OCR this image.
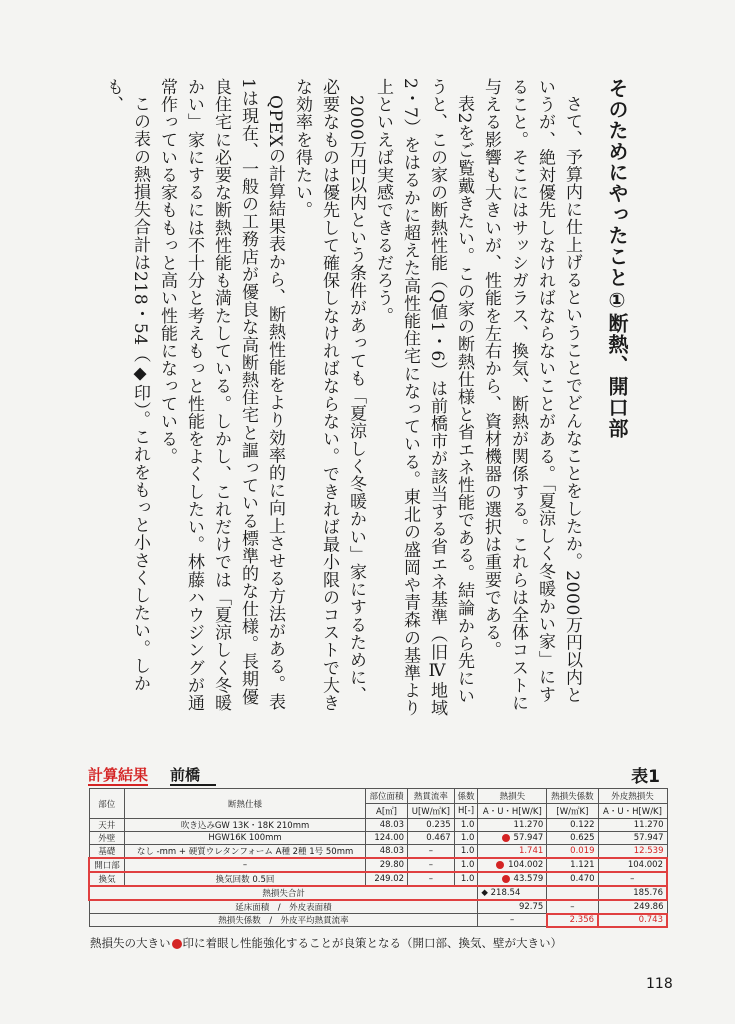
そのためにやったこと①断熱、開口部

さて、予算内に仕上げるということでどんなことをしたか。2000万円以内というが、絶対優先しなければならないことがある。「夏涼しく冬暖かい家」にすること。そこにはサッシガラス、換気、断熱が関係する。これらは全体コストに与える影響も大きいが、性能を左右から、資材機器の選択は重要である。

表2をご覧戴きたい。この家の断熱仕様と省エネ性能である。結論から先にいうと、この家の断熱性能（Q値1・6）は前橋市が該当する省エネ基準（旧Ⅳ地域2・7）をはるかに超えた高性能住宅になっている。東北の盛岡や青森の基準より上といえば実感できるだろう。

2000万円以内という条件があっても「夏涼しく冬暖かい」家にするために、必要なものは優先して確保しなければならない。できれば最小限のコストで大きな効率を得たい。

QPEXの計算結果表から、断熱性能をより効率的に向上させる方法がある。表1は現在、一般の工務店が優良な高断熱住宅と謳っている標準的な仕様。長期優良住宅に必要な断熱性能も満たしている。しかし、これだけでは「夏涼しく冬暖かい」家にするには不十分と考えもっと性能をよくしたい。林藤ハウジングが通常作っている家ももっと高い性能になっている。

この表の熱損失合計は218・54（◆印）。これをもっと小さくしたい。しかも、

計算結果 前橋	表1
部位	断熱仕様	部位面積	熱貫流率	係数	熱損失	熱損失係数	外皮熱損失
		A[㎡]	U[W/㎡K]	H[-]	A・U・H[W/K]	[W/㎡K]	A・U・H[W/K]
天井	吹き込みGW 13K・18K 210mm	48.03	0.235	1.0	11.270	0.122	11.270
外壁	HGW16K 100mm	124.00	0.467	1.0	57.947	0.625	57.947
基礎	なし -mm + 硬質ウレタンフォーム A種 2種 1号 50mm	48.03	–	1.0	1.741	0.019	12.539
開口部	–	29.80	–	1.0	104.002	1.121	104.002
換気	換気回数 0.5回	249.02	–	1.0	43.579	0.470	–
熱損失合計					◆ 218.54		185.76
延床面積　 /　 外皮表面積					92.75	–	249.86
熱損失係数　 /　 外皮平均熱貫流率					–	2.356	0.743
熱損失の大きい 印に着眼し性能強化することが良策となる（開口部、換気、壁が大きい）
118
